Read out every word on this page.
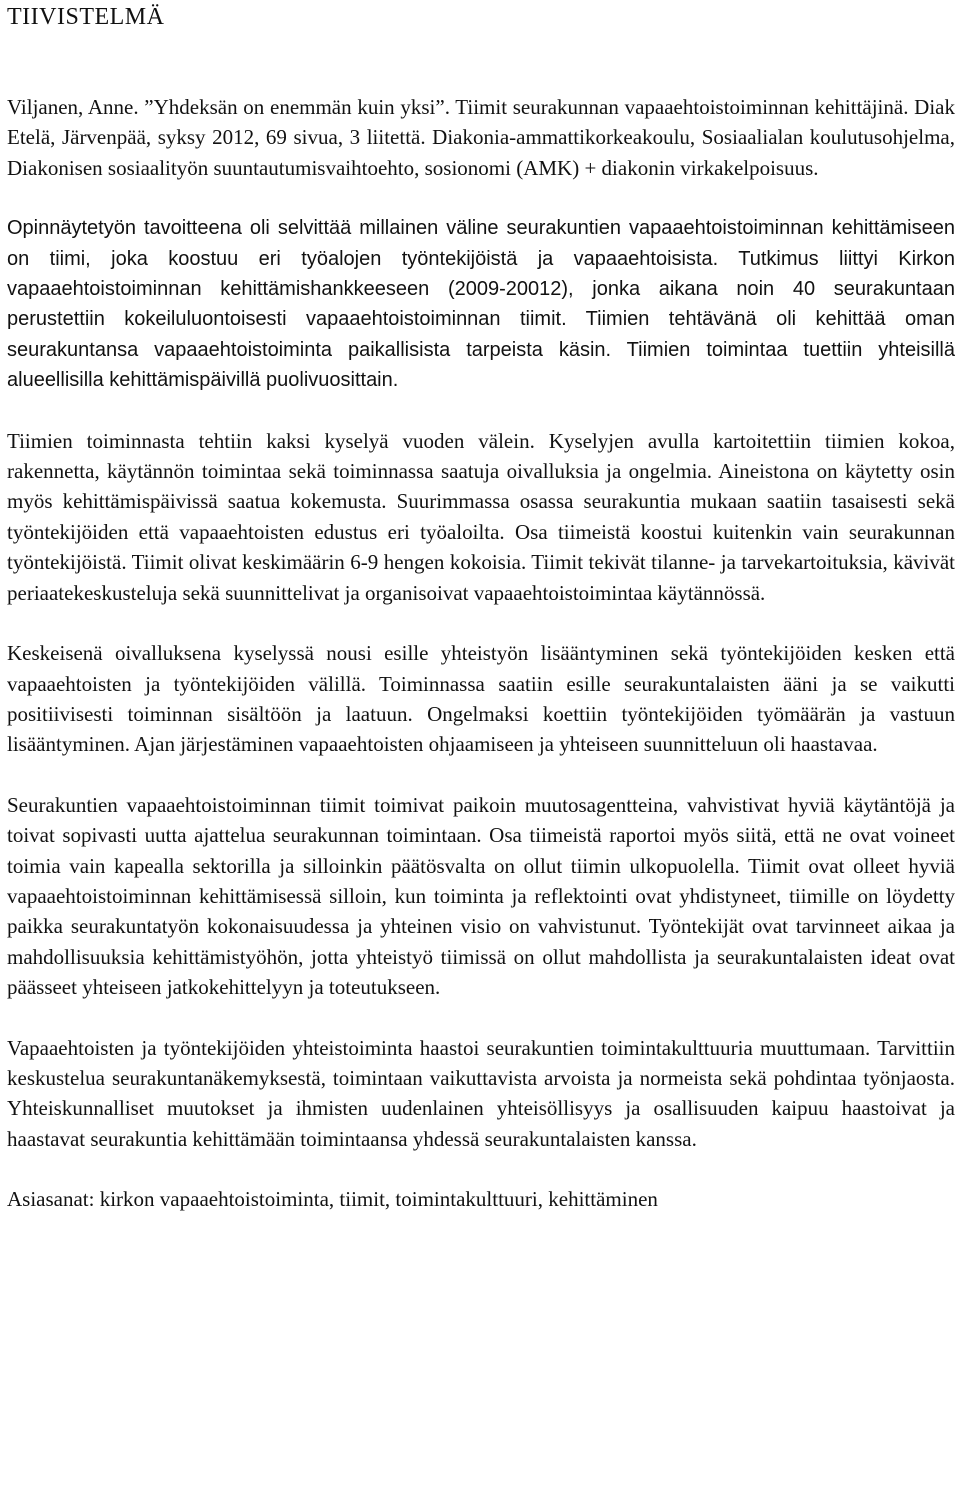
TIIVISTELMÄ

Viljanen, Anne. ”Yhdeksän on enemmän kuin yksi”. Tiimit seurakunnan vapaaehtoistoiminnan kehittäjinä. Diak Etelä, Järvenpää, syksy 2012, 69 sivua, 3 liitettä. Diakonia-ammattikorkeakoulu, Sosiaalialan koulutusohjelma, Diakonisen sosiaalityön suuntautumisvaihtoehto, sosionomi (AMK) + diakonin virkakelpoisuus.

Opinnäytetyön tavoitteena oli selvittää millainen väline seurakuntien vapaaehtoistoiminnan kehittämiseen on tiimi, joka koostuu eri työalojen työntekijöistä ja vapaaehtoisista. Tutkimus liittyi Kirkon vapaaehtoistoiminnan kehittämishankkeeseen (2009-20012), jonka aikana noin 40 seurakuntaan perustettiin kokeiluluontoisesti vapaaehtoistoiminnan tiimit. Tiimien tehtävänä oli kehittää oman seurakuntansa vapaaehtoistoiminta paikallisista tarpeista käsin. Tiimien toimintaa tuettiin yhteisillä alueellisilla kehittämispäivillä puolivuosittain.

Tiimien toiminnasta tehtiin kaksi kyselyä vuoden välein. Kyselyjen avulla kartoitettiin tiimien kokoa, rakennetta, käytännön toimintaa sekä toiminnassa saatuja oivalluksia ja ongelmia. Aineistona on käytetty osin myös kehittämispäivissä saatua kokemusta. Suurimmassa osassa seurakuntia mukaan saatiin tasaisesti sekä työntekijöiden että vapaaehtoisten edustus eri työaloilta. Osa tiimeistä koostui kuitenkin vain seurakunnan työntekijöistä. Tiimit olivat keskimäärin 6-9 hengen kokoisia. Tiimit tekivät tilanne- ja tarvekartoituksia, kävivät periaatekeskusteluja sekä suunnittelivat ja organisoivat vapaaehtoistoimintaa käytännössä.

Keskeisenä oivalluksena kyselyssä nousi esille yhteistyön lisääntyminen sekä työntekijöiden kesken että vapaaehtoisten ja työntekijöiden välillä. Toiminnassa saatiin esille seurakuntalaisten ääni ja se vaikutti positiivisesti toiminnan sisältöön ja laatuun. Ongelmaksi koettiin työntekijöiden työmäärän ja vastuun lisääntyminen. Ajan järjestäminen vapaaehtoisten ohjaamiseen ja yhteiseen suunnitteluun oli haastavaa.

Seurakuntien vapaaehtoistoiminnan tiimit toimivat paikoin muutosagentteina, vahvistivat hyviä käytäntöjä ja toivat sopivasti uutta ajattelua seurakunnan toimintaan. Osa tiimeistä raportoi myös siitä, että ne ovat voineet toimia vain kapealla sektorilla ja silloinkin päätösvalta on ollut tiimin ulkopuolella. Tiimit ovat olleet hyviä vapaaehtoistoiminnan kehittämisessä silloin, kun toiminta ja reflektointi ovat yhdistyneet, tiimille on löydetty paikka seurakuntatyön kokonaisuudessa ja yhteinen visio on vahvistunut. Työntekijät ovat tarvinneet aikaa ja mahdollisuuksia kehittämistyöhön, jotta yhteistyö tiimissä on ollut mahdollista ja seurakuntalaisten ideat ovat päässeet yhteiseen jatkokehittelyyn ja toteutukseen.

Vapaaehtoisten ja työntekijöiden yhteistoiminta haastoi seurakuntien toimintakulttuuria muuttumaan. Tarvittiin keskustelua seurakuntanäkemyksestä, toimintaan vaikuttavista arvoista ja normeista sekä pohdintaa työnjaosta. Yhteiskunnalliset muutokset ja ihmisten uudenlainen yhteisöllisyys ja osallisuuden kaipuu haastoivat ja haastavat seurakuntia kehittämään toimintaansa yhdessä seurakuntalaisten kanssa.

Asiasanat: kirkon vapaaehtoistoiminta, tiimit, toimintakulttuuri, kehittäminen
